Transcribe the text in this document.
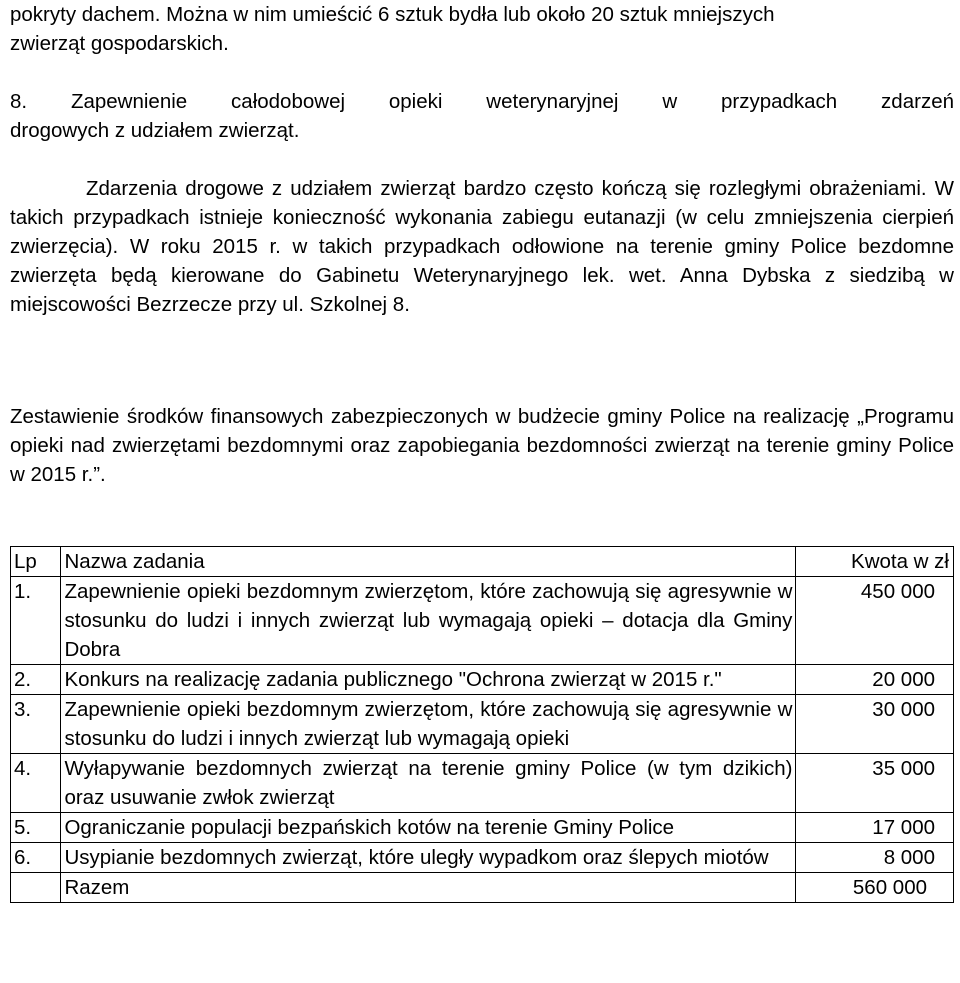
pokryty dachem. Można w nim umieścić 6 sztuk bydła lub około 20 sztuk mniejszych

zwierząt gospodarskich.

8. Zapewnienie całodobowej opieki weterynaryjnej w przypadkach zdarzeń

drogowych z udziałem zwierząt.

Zdarzenia drogowe z udziałem zwierząt bardzo często kończą się rozległymi obrażeniami. W takich przypadkach istnieje konieczność wykonania zabiegu eutanazji (w celu zmniejszenia cierpień zwierzęcia). W roku 2015 r. w takich przypadkach odłowione na terenie gminy Police bezdomne zwierzęta będą kierowane do Gabinetu Weterynaryjnego lek. wet. Anna Dybska z siedzibą w miejscowości Bezrzecze przy ul. Szkolnej 8.

Zestawienie środków finansowych zabezpieczonych w budżecie gminy Police na realizację „Programu opieki nad zwierzętami bezdomnymi oraz zapobiegania bezdomności zwierząt na terenie gminy Police w 2015 r.”.

Lp	Nazwa zadania	Kwota w zł
1.	Zapewnienie opieki bezdomnym zwierzętom, które zachowują się agresywnie w stosunku do ludzi i innych zwierząt lub wymagają opieki – dotacja dla Gminy Dobra	450 000
2.	Konkurs na realizację zadania publicznego "Ochrona zwierząt w 2015 r."	20 000
3.	Zapewnienie opieki bezdomnym zwierzętom, które zachowują się agresywnie w stosunku do ludzi i innych zwierząt lub wymagają opieki	30 000
4.	Wyłapywanie bezdomnych zwierząt na terenie gminy Police (w tym dzikich) oraz usuwanie zwłok zwierząt	35 000
5.	Ograniczanie populacji bezpańskich kotów na terenie Gminy Police	17 000
6.	Usypianie bezdomnych zwierząt, które uległy wypadkom oraz ślepych miotów	8 000
	Razem	560 000
